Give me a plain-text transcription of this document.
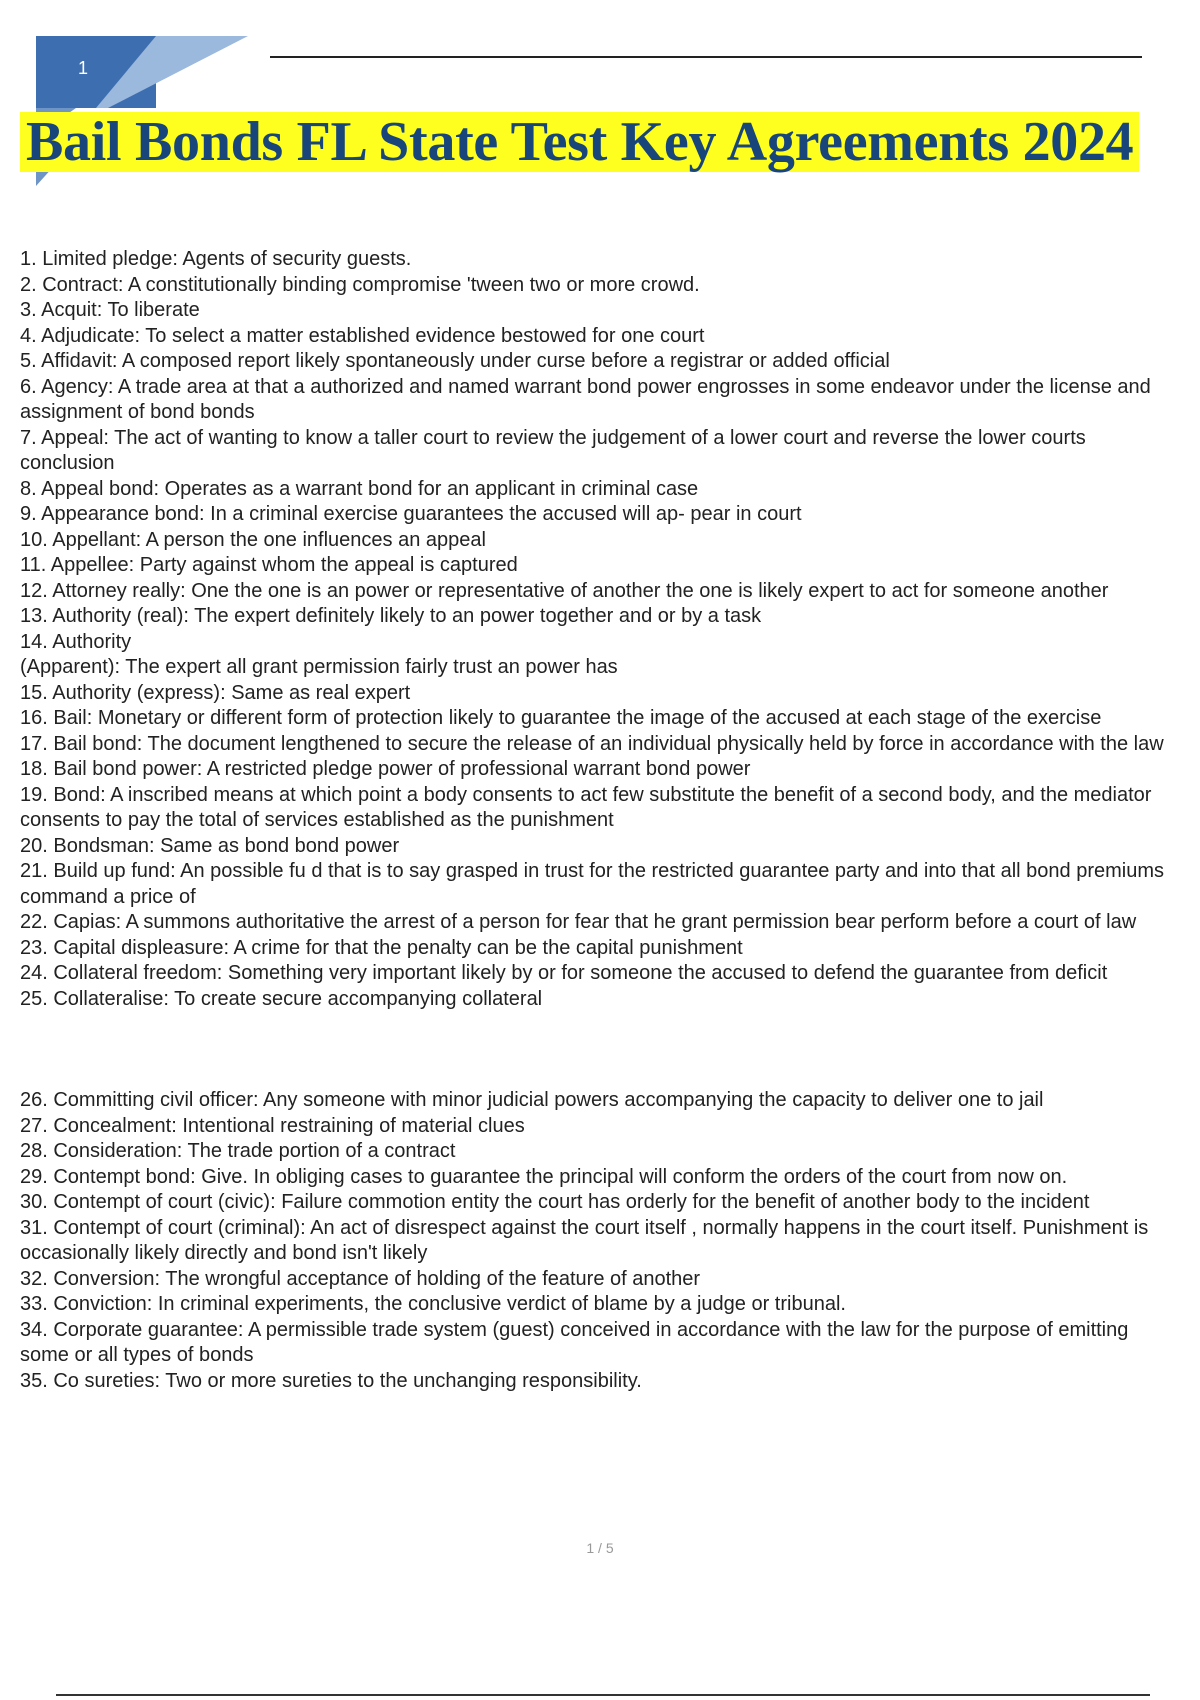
1
Bail Bonds FL State Test Key Agreements 2024
1. Limited pledge: Agents of security guests.
2. Contract: A constitutionally binding compromise 'tween two or more crowd.
3. Acquit: To liberate
4. Adjudicate: To select a matter established evidence bestowed for one court
5. Affidavit: A composed report likely spontaneously under curse before a registrar or added official
6. Agency: A trade area at that a authorized and named warrant bond power engrosses in some endeavor under the license and assignment of bond bonds
7. Appeal: The act of wanting to know a taller court to review the judgement of a lower court and reverse the lower courts conclusion
8. Appeal bond: Operates as a warrant bond for an applicant in criminal case
9. Appearance bond: In a criminal exercise guarantees the accused will ap- pear in court
10. Appellant: A person the one influences an appeal
11. Appellee: Party against whom the appeal is captured
12. Attorney really: One the one is an power or representative of another the one is likely expert to act for someone another
13. Authority (real): The expert definitely likely to an power together and or by a task
14. Authority
(Apparent): The expert all grant permission fairly trust an power has
15. Authority (express): Same as real expert
16. Bail: Monetary or different form of protection likely to guarantee the image of the accused at each stage of the exercise
17. Bail bond: The document lengthened to secure the release of an individual physically held by force in accordance with the law
18. Bail bond power: A restricted pledge power of professional warrant bond power
19. Bond: A inscribed means at which point a body consents to act few substitute the benefit of a second body, and the mediator consents to pay the total of services established as the punishment
20. Bondsman: Same as bond bond power
21. Build up fund: An possible fu d that is to say grasped in trust for the restricted guarantee party and into that all bond premiums command a price of
22. Capias: A summons authoritative the arrest of a person for fear that he grant permission bear perform before a court of law
23. Capital displeasure: A crime for that the penalty can be the capital punishment
24. Collateral freedom: Something very important likely by or for someone the accused to defend the guarantee from deficit
25. Collateralise: To create secure accompanying collateral
26. Committing civil officer: Any someone with minor judicial powers accompanying the capacity to deliver one to jail
27. Concealment: Intentional restraining of material clues
28. Consideration: The trade portion of a contract
29. Contempt bond: Give. In obliging cases to guarantee the principal will conform the orders of the court from now on.
30. Contempt of court (civic): Failure commotion entity the court has orderly for the benefit of another body to the incident
31. Contempt of court (criminal): An act of disrespect against the court itself , normally happens in the court itself. Punishment is occasionally likely directly and bond isn't likely
32. Conversion: The wrongful acceptance of holding of the feature of another
33. Conviction: In criminal experiments, the conclusive verdict of blame by a judge or tribunal.
34. Corporate guarantee: A permissible trade system (guest) conceived in accordance with the law for the purpose of emitting some or all types of bonds
35. Co sureties: Two or more sureties to the unchanging responsibility.
1 / 5
